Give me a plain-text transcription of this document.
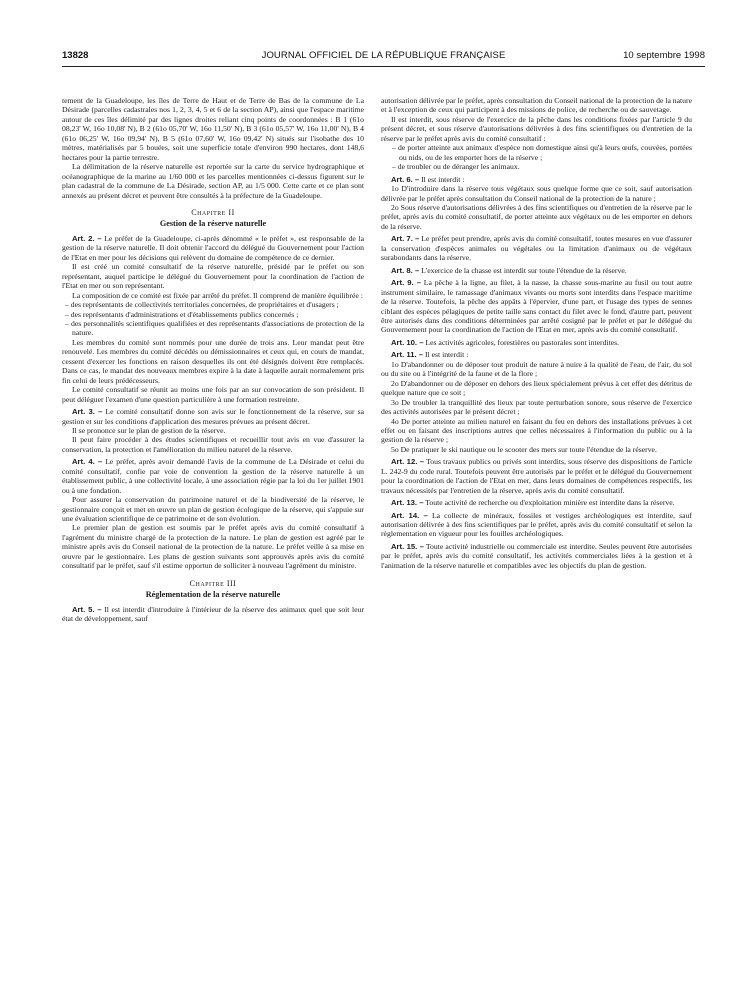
13828	JOURNAL OFFICIEL DE LA RÉPUBLIQUE FRANÇAISE	10 septembre 1998

tement de la Guadeloupe, les îles de Terre de Haut et de Terre de Bas de la commune de La Désirade (parcelles cadastrales nos 1, 2, 3, 4, 5 et 6 de la section AP), ainsi que l'espace maritime autour de ces îles délimité par des lignes droites reliant cinq points de coordonnées : B 1 (61o 08,23' W, 16o 10,08' N), B 2 (61o 05,70' W, 16o 11,50' N), B 3 (61o 05,57' W, 16o 11,00' N), B 4 (61o 06,25' W, 16o 09,94' N), B 5 (61o 07,60' W, 16o 09,42' N) situés sur l'isobathe des 10 mètres, matérialisés par 5 bouées, soit une superficie totale d'environ 990 hectares, dont 148,6 hectares pour la partie terrestre.

La délimitation de la réserve naturelle est reportée sur la carte du service hydrographique et océanographique de la marine au 1/60 000 et les parcelles mentionnées ci-dessus figurent sur le plan cadastral de la commune de La Désirade, section AP, au 1/5 000. Cette carte et ce plan sont annexés au présent décret et peuvent être consultés à la préfecture de la Guadeloupe.

Chapitre II
Gestion de la réserve naturelle

Art. 2. – Le préfet de la Guadeloupe, ci-après dénommé « le préfet », est responsable de la gestion de la réserve naturelle. Il doit obtenir l'accord du délégué du Gouvernement pour l'action de l'Etat en mer pour les décisions qui relèvent du domaine de compétence de ce dernier.

Il est créé un comité consultatif de la réserve naturelle, présidé par le préfet ou son représentant, auquel participe le délégué du Gouvernement pour la coordination de l'action de l'Etat en mer ou son représentant.

La composition de ce comité est fixée par arrêté du préfet. Il comprend de manière équilibrée :

– des représentants de collectivités territoriales concernées, de propriétaires et d'usagers ;

– des représentants d'administrations et d'établissements publics concernés ;

– des personnalités scientifiques qualifiées et des représentants d'associations de protection de la nature.

Les membres du comité sont nommés pour une durée de trois ans. Leur mandat peut être renouvelé. Les membres du comité décédés ou démissionnaires et ceux qui, en cours de mandat, cessent d'exercer les fonctions en raison desquelles ils ont été désignés doivent être remplacés. Dans ce cas, le mandat des nouveaux membres expire à la date à laquelle aurait normalement pris fin celui de leurs prédécesseurs.

Le comité consultatif se réunit au moins une fois par an sur convocation de son président. Il peut déléguer l'examen d'une question particulière à une formation restreinte.

Art. 3. – Le comité consultatif donne son avis sur le fonctionnement de la réserve, sur sa gestion et sur les conditions d'application des mesures prévues au présent décret.

Il se prononce sur le plan de gestion de la réserve.

Il peut faire procéder à des études scientifiques et recueillir tout avis en vue d'assurer la conservation, la protection et l'amélioration du milieu naturel de la réserve.

Art. 4. – Le préfet, après avoir demandé l'avis de la commune de La Désirade et celui du comité consultatif, confie par voie de convention la gestion de la réserve naturelle à un établissement public, à une collectivité locale, à une association régie par la loi du 1er juillet 1901 ou à une fondation.

Pour assurer la conservation du patrimoine naturel et de la biodiversité de la réserve, le gestionnaire conçoit et met en œuvre un plan de gestion écologique de la réserve, qui s'appuie sur une évaluation scientifique de ce patrimoine et de son évolution.

Le premier plan de gestion est soumis par le préfet après avis du comité consultatif à l'agrément du ministre chargé de la protection de la nature. Le plan de gestion est agréé par le ministre après avis du Conseil national de la protection de la nature. Le préfet veille à sa mise en œuvre par le gestionnaire. Les plans de gestion suivants sont approuvés après avis du comité consultatif par le préfet, sauf s'il estime opportun de solliciter à nouveau l'agrément du ministre.

Chapitre III
Réglementation de la réserve naturelle

Art. 5. – Il est interdit d'introduire à l'intérieur de la réserve des animaux quel que soit leur état de développement, sauf

autorisation délivrée par le préfet, après consultation du Conseil national de la protection de la nature et à l'exception de ceux qui participent à des missions de police, de recherche ou de sauvetage.

Il est interdit, sous réserve de l'exercice de la pêche dans les conditions fixées par l'article 9 du présent décret, et sous réserve d'autorisations délivrées à des fins scientifiques ou d'entretien de la réserve par le préfet après avis du comité consultatif :

– de porter atteinte aux animaux d'espèce non domestique ainsi qu'à leurs œufs, couvées, portées ou nids, ou de les emporter hors de la réserve ;

– de troubler ou de déranger les animaux.

Art. 6. – Il est interdit :

1o D'introduire dans la réserve tous végétaux sous quelque forme que ce soit, sauf autorisation délivrée par le préfet après consultation du Conseil national de la protection de la nature ;

2o Sous réserve d'autorisations délivrées à des fins scientifiques ou d'entretien de la réserve par le préfet, après avis du comité consultatif, de porter atteinte aux végétaux ou de les emporter en dehors de la réserve.

Art. 7. – Le préfet peut prendre, après avis du comité consultatif, toutes mesures en vue d'assurer la conservation d'espèces animales ou végétales ou la limitation d'animaux ou de végétaux surabondants dans la réserve.

Art. 8. – L'exercice de la chasse est interdit sur toute l'étendue de la réserve.

Art. 9. – La pêche à la ligne, au filet, à la nasse, la chasse sous-marine au fusil ou tout autre instrument similaire, le ramassage d'animaux vivants ou morts sont interdits dans l'espace maritime de la réserve. Toutefois, la pêche des appâts à l'épervier, d'une part, et l'usage des types de sennes ciblant des espèces pélagiques de petite taille sans contact du filet avec le fond, d'autre part, peuvent être autorisés dans des conditions déterminées par arrêté cosigné par le préfet et par le délégué du Gouvernement pour la coordination de l'action de l'Etat en mer, après avis du comité consultatif.

Art. 10. – Les activités agricoles, forestières ou pastorales sont interdites.

Art. 11. – Il est interdit :

1o D'abandonner ou de déposer tout produit de nature à nuire à la qualité de l'eau, de l'air, du sol ou du site ou à l'intégrité de la faune et de la flore ;

2o D'abandonner ou de déposer en dehors des lieux spécialement prévus à cet effet des détritus de quelque nature que ce soit ;

3o De troubler la tranquillité des lieux par toute perturbation sonore, sous réserve de l'exercice des activités autorisées par le présent décret ;

4o De porter atteinte au milieu naturel en faisant du feu en dehors des installations prévues à cet effet ou en faisant des inscriptions autres que celles nécessaires à l'information du public ou à la gestion de la réserve ;

5o De pratiquer le ski nautique ou le scooter des mers sur toute l'étendue de la réserve.

Art. 12. – Tous travaux publics ou privés sont interdits, sous réserve des dispositions de l'article L. 242-9 du code rural. Toutefois peuvent être autorisés par le préfet et le délégué du Gouvernement pour la coordination de l'action de l'Etat en mer, dans leurs domaines de compétences respectifs, les travaux nécessités par l'entretien de la réserve, après avis du comité consultatif.

Art. 13. – Toute activité de recherche ou d'exploitation minière est interdite dans la réserve.

Art. 14. – La collecte de minéraux, fossiles et vestiges archéologiques est interdite, sauf autorisation délivrée à des fins scientifiques par le préfet, après avis du comité consultatif et selon la réglementation en vigueur pour les fouilles archéologiques.

Art. 15. – Toute activité industrielle ou commerciale est interdite. Seules peuvent être autorisées par le préfet, après avis du comité consultatif, les activités commerciales liées à la gestion et à l'animation de la réserve naturelle et compatibles avec les objectifs du plan de gestion.
